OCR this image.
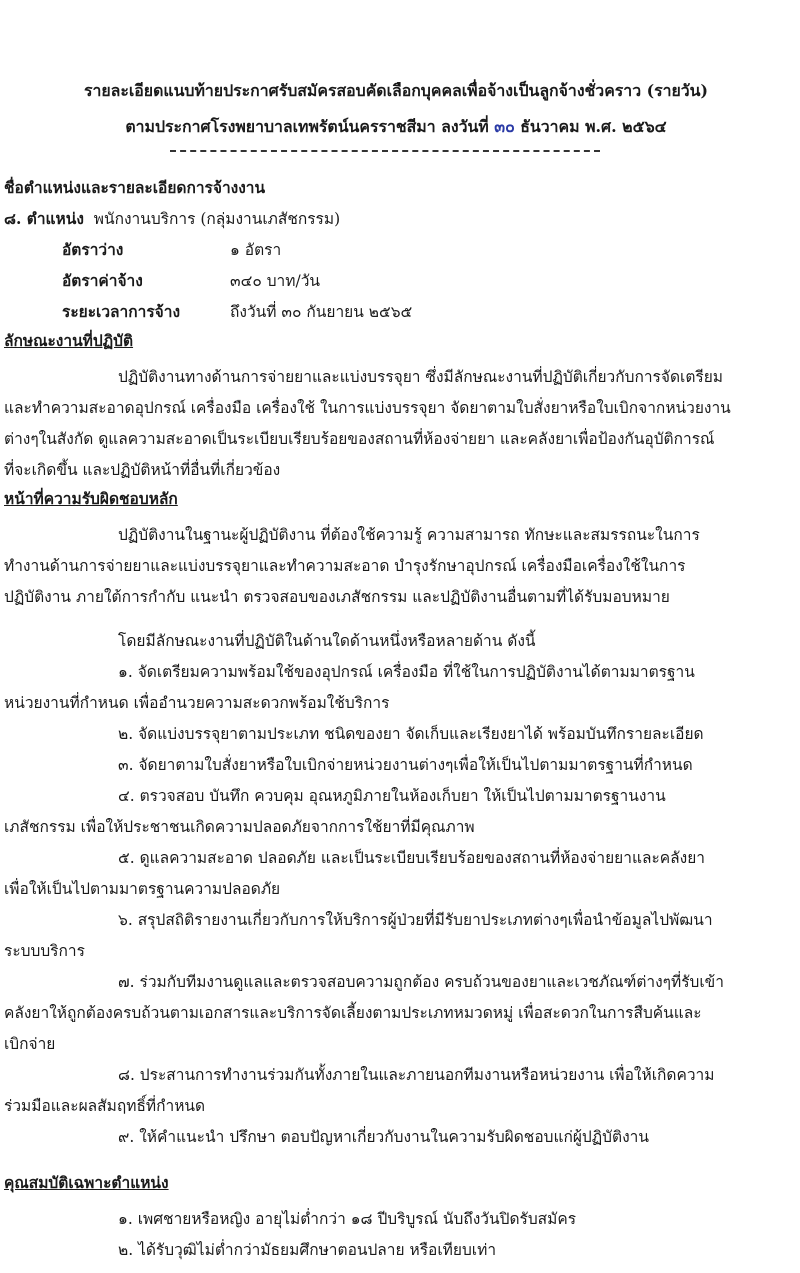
รายละเอียดแนบท้ายประกาศรับสมัครสอบคัดเลือกบุคคลเพื่อจ้างเป็นลูกจ้างชั่วคราว (รายวัน)
ตามประกาศโรงพยาบาลเทพรัตน์นครราชสีมา ลงวันที่ ๓๐ ธันวาคม พ.ศ. ๒๕๖๔
ชื่อตำแหน่งและรายละเอียดการจ้างงาน
๘. ตำแหน่ง พนักงานบริการ (กลุ่มงานเภสัชกรรม)
อัตราว่าง	๑ อัตรา
อัตราค่าจ้าง	๓๔๐ บาท/วัน
ระยะเวลาการจ้าง	ถึงวันที่ ๓๐ กันยายน ๒๕๖๕
ลักษณะงานที่ปฏิบัติ
ปฏิบัติงานทางด้านการจ่ายยาและแบ่งบรรจุยา ซึ่งมีลักษณะงานที่ปฏิบัติเกี่ยวกับการจัดเตรียม
และทำความสะอาดอุปกรณ์ เครื่องมือ เครื่องใช้ ในการแบ่งบรรจุยา จัดยาตามใบสั่งยาหรือใบเบิกจากหน่วยงาน
ต่างๆในสังกัด ดูแลความสะอาดเป็นระเบียบเรียบร้อยของสถานที่ห้องจ่ายยา และคลังยาเพื่อป้องกันอุบัติการณ์
ที่จะเกิดขึ้น และปฏิบัติหน้าที่อื่นที่เกี่ยวข้อง
หน้าที่ความรับผิดชอบหลัก
ปฏิบัติงานในฐานะผู้ปฏิบัติงาน ที่ต้องใช้ความรู้ ความสามารถ ทักษะและสมรรถนะในการ
ทำงานด้านการจ่ายยาและแบ่งบรรจุยาและทำความสะอาด บำรุงรักษาอุปกรณ์ เครื่องมือเครื่องใช้ในการ
ปฏิบัติงาน ภายใต้การกำกับ แนะนำ ตรวจสอบของเภสัชกรรม และปฏิบัติงานอื่นตามที่ได้รับมอบหมาย
โดยมีลักษณะงานที่ปฏิบัติในด้านใดด้านหนึ่งหรือหลายด้าน ดังนี้
๑. จัดเตรียมความพร้อมใช้ของอุปกรณ์ เครื่องมือ ที่ใช้ในการปฏิบัติงานได้ตามมาตรฐาน
หน่วยงานที่กำหนด เพื่ออำนวยความสะดวกพร้อมใช้บริการ
๒. จัดแบ่งบรรจุยาตามประเภท ชนิดของยา จัดเก็บและเรียงยาได้ พร้อมบันทึกรายละเอียด
๓. จัดยาตามใบสั่งยาหรือใบเบิกจ่ายหน่วยงานต่างๆเพื่อให้เป็นไปตามมาตรฐานที่กำหนด
๔. ตรวจสอบ บันทึก ควบคุม อุณหภูมิภายในห้องเก็บยา ให้เป็นไปตามมาตรฐานงาน
เภสัชกรรม เพื่อให้ประชาชนเกิดความปลอดภัยจากการใช้ยาที่มีคุณภาพ
๕. ดูแลความสะอาด ปลอดภัย และเป็นระเบียบเรียบร้อยของสถานที่ห้องจ่ายยาและคลังยา
เพื่อให้เป็นไปตามมาตรฐานความปลอดภัย
๖. สรุปสถิติรายงานเกี่ยวกับการให้บริการผู้ป่วยที่มีรับยาประเภทต่างๆเพื่อนำข้อมูลไปพัฒนา
ระบบบริการ
๗. ร่วมกับทีมงานดูแลและตรวจสอบความถูกต้อง ครบถ้วนของยาและเวชภัณฑ์ต่างๆที่รับเข้า
คลังยาให้ถูกต้องครบถ้วนตามเอกสารและบริการจัดเลี้ยงตามประเภทหมวดหมู่ เพื่อสะดวกในการสืบค้นและ
เบิกจ่าย
๘. ประสานการทำงานร่วมกันทั้งภายในและภายนอกทีมงานหรือหน่วยงาน เพื่อให้เกิดความ
ร่วมมือและผลสัมฤทธิ์ที่กำหนด
๙. ให้คำแนะนำ ปรึกษา ตอบปัญหาเกี่ยวกับงานในความรับผิดชอบแก่ผู้ปฏิบัติงาน
คุณสมบัติเฉพาะตำแหน่ง
๑. เพศชายหรือหญิง อายุไม่ต่ำกว่า ๑๘ ปีบริบูรณ์ นับถึงวันปิดรับสมัคร
๒. ได้รับวุฒิไม่ต่ำกว่ามัธยมศึกษาตอนปลาย หรือเทียบเท่า
